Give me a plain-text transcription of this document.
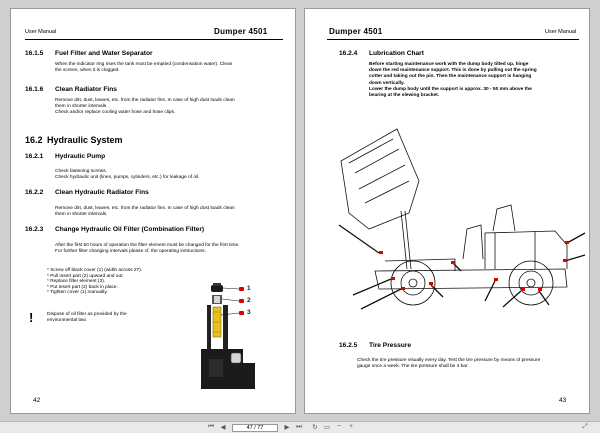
User Manual	Dumper 4501
16.1.5 Fuel Filter and Water Separator
When the indicator ring rises the tank must be emptied (condensation water). Clean
the screen, when it is clogged.
16.1.6 Clean Radiator Fins
Remove dirt, dust, leaves, etc. from the radiator fins. In case of high dust loads clean
them in shorter intervals.
Check and/or replace cooling water hose and hose clips.
16.2 Hydraulic System
16.2.1 Hydraulic Pump
Check fastening screws.
Check hydraulic unit (lines, pumps, cylinders, etc.) for leakage of oil.
16.2.2 Clean Hydraulic Radiator Fins
Remove dirt, dust, leaves, etc. from the radiator fins. In case of high dust loads clean
them in shorter intervals.
16.2.3 Change Hydraulic Oil Filter (Combination Filter)
After the first 50 hours of operation the filter element must be changed for the first time.
For further filter changing intervals please cf. the operating instructions.
* Screw off black cover (1) (width across 27).
* Pull insert part (2) upward and out.
* Replace filter element (3).
* Put insert part (2) back in place.
* Tighten cover (1) manually.
!	Dispose of oil filter as provided by the
environmental law.
1
2
3
42
Dumper 4501	User Manual
16.2.4 Lubrication Chart
Before starting maintenance work with the dump body tilted up, hinge
down the red maintenance support. This is done by pulling out the spring
cotter and taking out the pin. Then the maintenance support is hanging
down vertically.
Lower the dump body until the support is approx. 30 - 50 mm above the
bearing at the slewing bracket.
16.2.5 Tire Pressure
Check the tire pressure visually every day. Test the tire pressure by means of pressure
gauge once a week. The tire pressure shall be 4 bar.
43
⏮	◀	47 / 77	▶	⏭	↻ ▭	−	+	⤢
